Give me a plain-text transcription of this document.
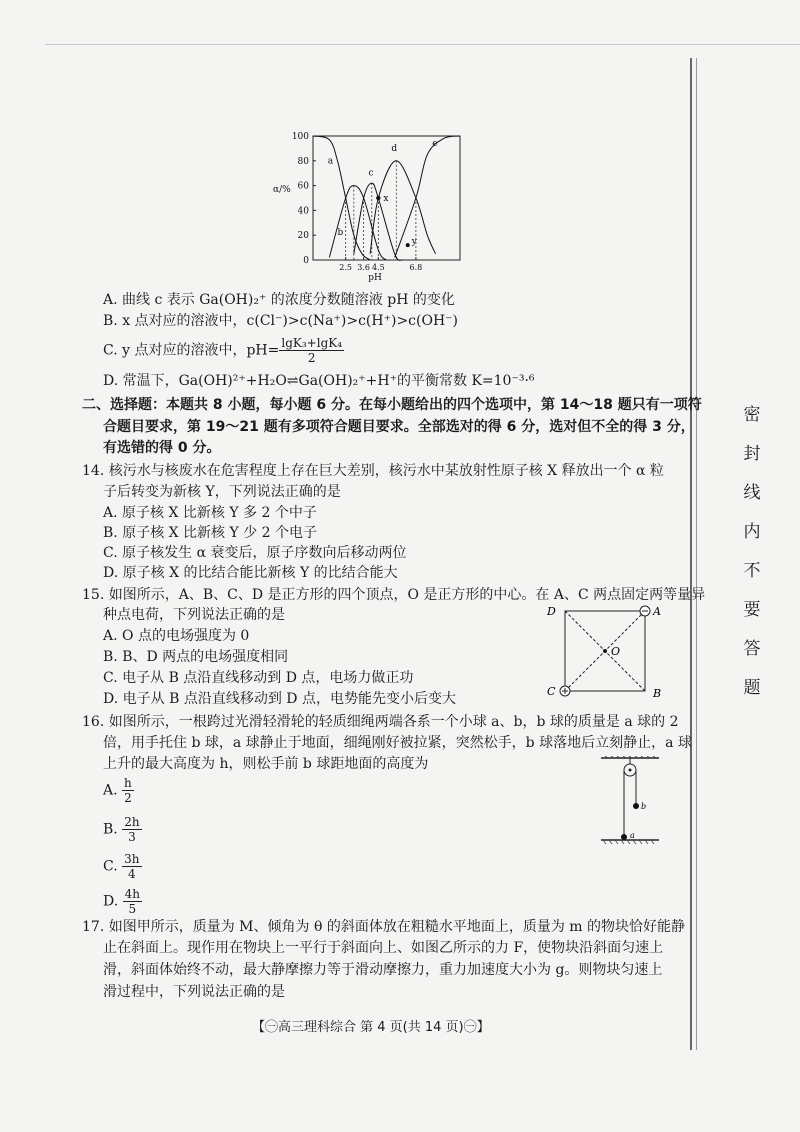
密
封
线
内
不
要
答
题
100
80
60
40
20
0
α/%
2.5 3.6 4.5	6.8
pH
a
b
c
d	e
x
y
A. 曲线 c 表示 Ga(OH)₂⁺ 的浓度分数随溶液 pH 的变化
B. x 点对应的溶液中，c(Cl⁻)>c(Na⁺)>c(H⁺)>c(OH⁻)
C. y 点对应的溶液中，$pH= \frac{\text{lgK₃+lgK₄}}{2}$
D. 常温下，Ga(OH)²⁺+H₂O⇌Ga(OH)₂⁺+H⁺的平衡常数 K=10⁻³·⁶
二、选择题：本题共 8 小题，每小题 6 分。在每小题给出的四个选项中，第 14～18 题只有一项符
合题目要求，第 19～21 题有多项符合题目要求。全部选对的得 6 分，选对但不全的得 3 分，
有选错的得 0 分。
14. 核污水与核废水在危害程度上存在巨大差别，核污水中某放射性原子核 X 释放出一个 α 粒
子后转变为新核 Y，下列说法正确的是
A. 原子核 X 比新核 Y 多 2 个中子
B. 原子核 X 比新核 Y 少 2 个电子
C. 原子核发生 α 衰变后，原子序数向后移动两位
D. 原子核 X 的比结合能比新核 Y 的比结合能大
15. 如图所示，A、B、C、D 是正方形的四个顶点，O 是正方形的中心。在 A、C 两点固定两等量异
种点电荷，下列说法正确的是
A. O 点的电场强度为 0
B. B、D 两点的电场强度相同
C. 电子从 B 点沿直线移动到 D 点，电场力做正功
D. 电子从 B 点沿直线移动到 D 点，电势能先变小后变大
D	A
C	B
O
16. 如图所示，一根跨过光滑轻滑轮的轻质细绳两端各系一个小球 a、b，b 球的质量是 a 球的 2
倍，用手托住 b 球，a 球静止于地面，细绳刚好被拉紧，突然松手，b 球落地后立刻静止，a 球
上升的最大高度为 h，则松手前 b 球距地面的高度为
A. $\frac{h}{2}$
B. $\frac{2h}{3}$
C. $\frac{3h}{4}$
D. $\frac{4h}{5}$
b
a
17. 如图甲所示，质量为 M、倾角为 θ 的斜面体放在粗糙水平地面上，质量为 m 的物块恰好能静
止在斜面上。现作用在物块上一平行于斜面向上、如图乙所示的力 F，使物块沿斜面匀速上
滑，斜面体始终不动，最大静摩擦力等于滑动摩擦力，重力加速度大小为 g。则物块匀速上
滑过程中，下列说法正确的是
【㊀高三理科综合 第 4 页(共 14 页)㊀】
